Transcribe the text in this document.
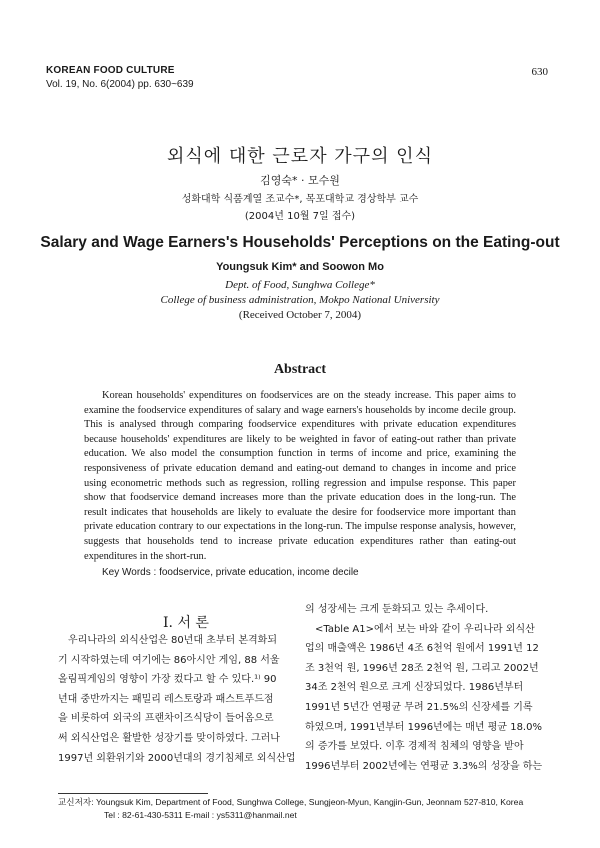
KOREAN FOOD CULTURE
Vol. 19, No. 6(2004) pp. 630~639
630
외식에 대한 근로자 가구의 인식
김영숙* · 모수원
성화대학 식품계열 조교수*, 목포대학교 경상학부 교수
(2004년 10월 7일 접수)
Salary and Wage Earners's Households' Perceptions on the Eating-out
Youngsuk Kim* and Soowon Mo
Dept. of Food, Sunghwa College*
College of business administration, Mokpo National University
(Received October 7, 2004)
Abstract

Korean households' expenditures on foodservices are on the steady increase. This paper aims to examine the foodservice expenditures of salary and wage earners's households by income decile group. This is analysed through comparing foodservice expenditures with private education expenditures because households' expenditures are likely to be weighted in favor of eating-out rather than private education. We also model the consumption function in terms of income and price, examining the responsiveness of private education demand and eating-out demand to changes in income and price using econometric methods such as regression, rolling regression and impulse response. This paper show that foodservice demand increases more than the private education does in the long-run. The result indicates that households are likely to evaluate the desire for foodservice more important than private education contrary to our expectations in the long-run. The impulse response analysis, however, suggests that households tend to increase private education expenditures rather than eating-out expenditures in the short-run.

Key Words : foodservice, private education, income decile
I. 서 론
　우리나라의 외식산업은 80년대 초부터 본격화되
기 시작하였는데 여기에는 86아시안 게임, 88 서울
올림픽게임의 영향이 가장 컸다고 할 수 있다.¹⁾ 90
년대 중반까지는 패밀리 레스토랑과 패스트푸드점
을 비롯하여 외국의 프랜차이즈식당이 들어옴으로
써 외식산업은 활발한 성장기를 맞이하였다. 그러나
1997년 외환위기와 2000년대의 경기침체로 외식산업
의 성장세는 크게 둔화되고 있는 추세이다.
　<Table A1>에서 보는 바와 같이 우리나라 외식산
업의 매출액은 1986년 4조 6천억 원에서 1991년 12
조 3천억 원, 1996년 28조 2천억 원, 그리고 2002년
34조 2천억 원으로 크게 신장되었다. 1986년부터
1991년 5년간 연평균 무려 21.5%의 신장세를 기록
하였으며, 1991년부터 1996년에는 매년 평균 18.0%
의 증가를 보였다. 이후 경제적 침체의 영향을 받아
1996년부터 2002년에는 연평균 3.3%의 성장을 하는
교신저자: Youngsuk Kim, Department of Food, Sunghwa College, Sungjeon-Myun, Kangjin-Gun, Jeonnam 527-810, Korea
Tel : 82-61-430-5311 E-mail : ys5311@hanmail.net
